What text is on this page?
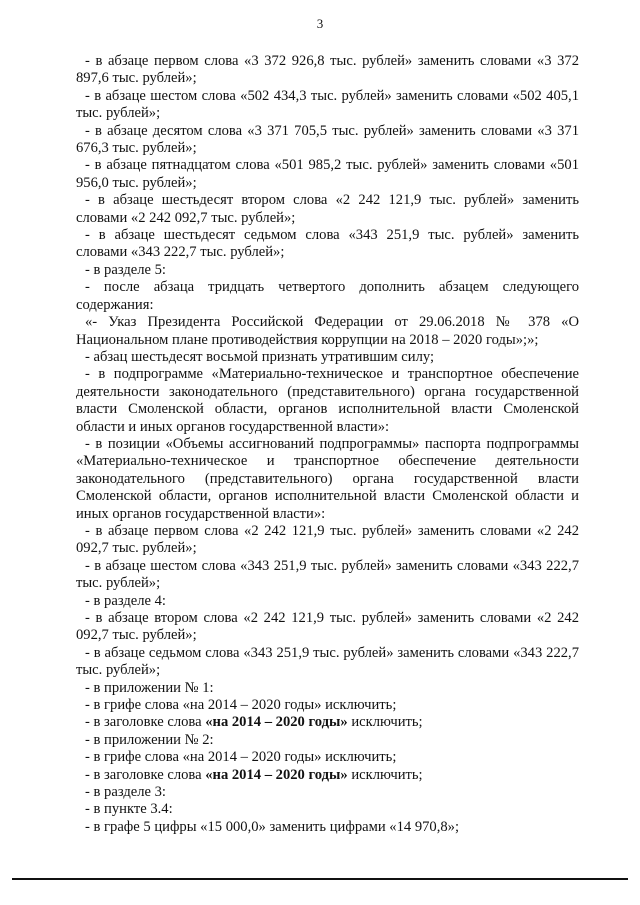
3

- в абзаце первом слова «3 372 926,8 тыс. рублей» заменить словами «3 372 897,6 тыс. рублей»;

- в абзаце шестом слова «502 434,3 тыс. рублей» заменить словами «502 405,1 тыс. рублей»;

- в абзаце десятом слова «3 371 705,5 тыс. рублей» заменить словами «3 371 676,3 тыс. рублей»;

- в абзаце пятнадцатом слова «501 985,2 тыс. рублей» заменить словами «501 956,0 тыс. рублей»;

- в абзаце шестьдесят втором слова «2 242 121,9 тыс. рублей» заменить словами «2 242 092,7 тыс. рублей»;

- в абзаце шестьдесят седьмом слова «343 251,9 тыс. рублей» заменить словами «343 222,7 тыс. рублей»;

- в разделе 5:

- после абзаца тридцать четвертого дополнить абзацем следующего содержания:

«- Указ Президента Российской Федерации от 29.06.2018 № 378 «О Национальном плане противодействия коррупции на 2018 – 2020 годы»;»;

- абзац шестьдесят восьмой признать утратившим силу;

- в подпрограмме «Материально-техническое и транспортное обеспечение деятельности законодательного (представительного) органа государственной власти Смоленской области, органов исполнительной власти Смоленской области и иных органов государственной власти»:

- в позиции «Объемы ассигнований подпрограммы» паспорта подпрограммы «Материально-техническое и транспортное обеспечение деятельности законодательного (представительного) органа государственной власти Смоленской области, органов исполнительной власти Смоленской области и иных органов государственной власти»:

- в абзаце первом слова «2 242 121,9 тыс. рублей» заменить словами «2 242 092,7 тыс. рублей»;

- в абзаце шестом слова «343 251,9 тыс. рублей» заменить словами «343 222,7 тыс. рублей»;

- в разделе 4:

- в абзаце втором слова «2 242 121,9 тыс. рублей» заменить словами «2 242 092,7 тыс. рублей»;

- в абзаце седьмом слова «343 251,9 тыс. рублей» заменить словами «343 222,7 тыс. рублей»;

- в приложении № 1:

- в грифе слова «на 2014 – 2020 годы» исключить;

- в заголовке слова «на 2014 – 2020 годы» исключить;

- в приложении № 2:

- в грифе слова «на 2014 – 2020 годы» исключить;

- в заголовке слова «на 2014 – 2020 годы» исключить;

- в разделе 3:

- в пункте 3.4:

- в графе 5 цифры «15 000,0» заменить цифрами «14 970,8»;
